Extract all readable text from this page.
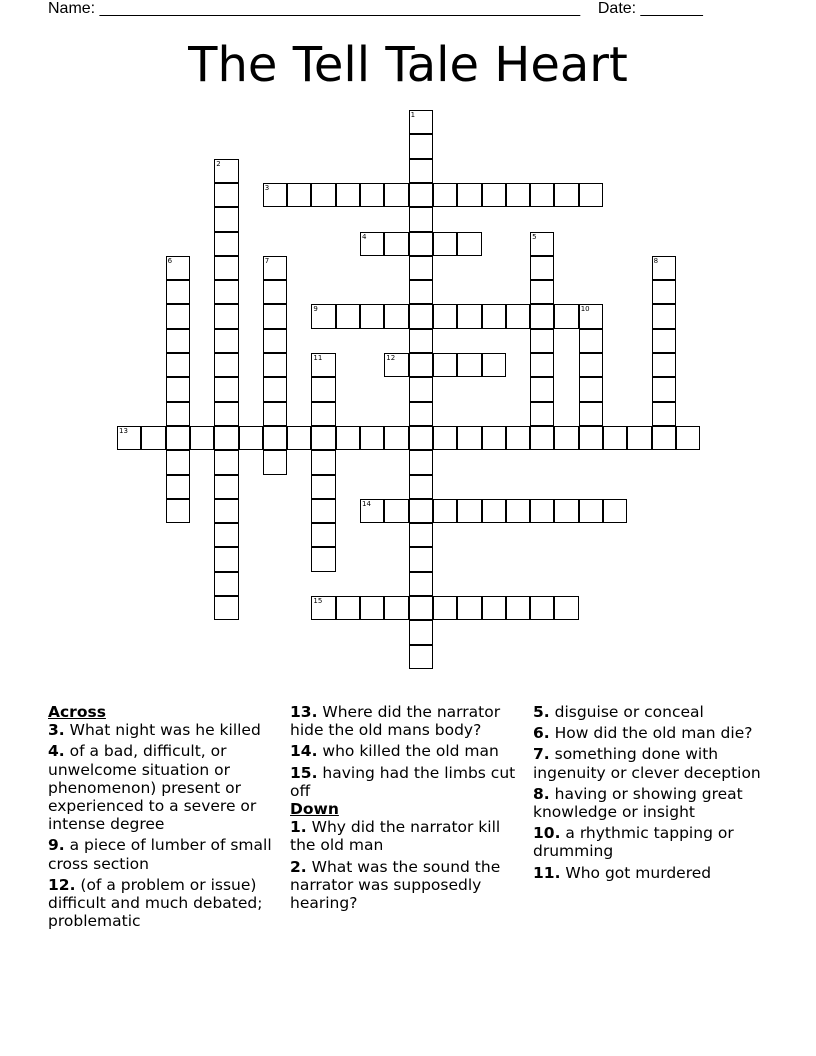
Name: ______________________________________________________    Date: _______
The Tell Tale Heart
1
2
3
4	5
6	7	8
9	10
11	12
13
14
15

Across

3. What night was he killed

4. of a bad, difficult, or unwelcome situation or phenomenon) present or experienced to a severe or intense degree

9. a piece of lumber of small cross section

12. (of a problem or issue) difficult and much debated; problematic

13. Where did the narrator hide the old mans body?

14. who killed the old man

15. having had the limbs cut off

Down

1. Why did the narrator kill the old man

2. What was the sound the narrator was supposedly hearing?

5. disguise or conceal

6. How did the old man die?

7. something done with ingenuity or clever deception

8. having or showing great knowledge or insight

10. a rhythmic tapping or drumming

11. Who got murdered
